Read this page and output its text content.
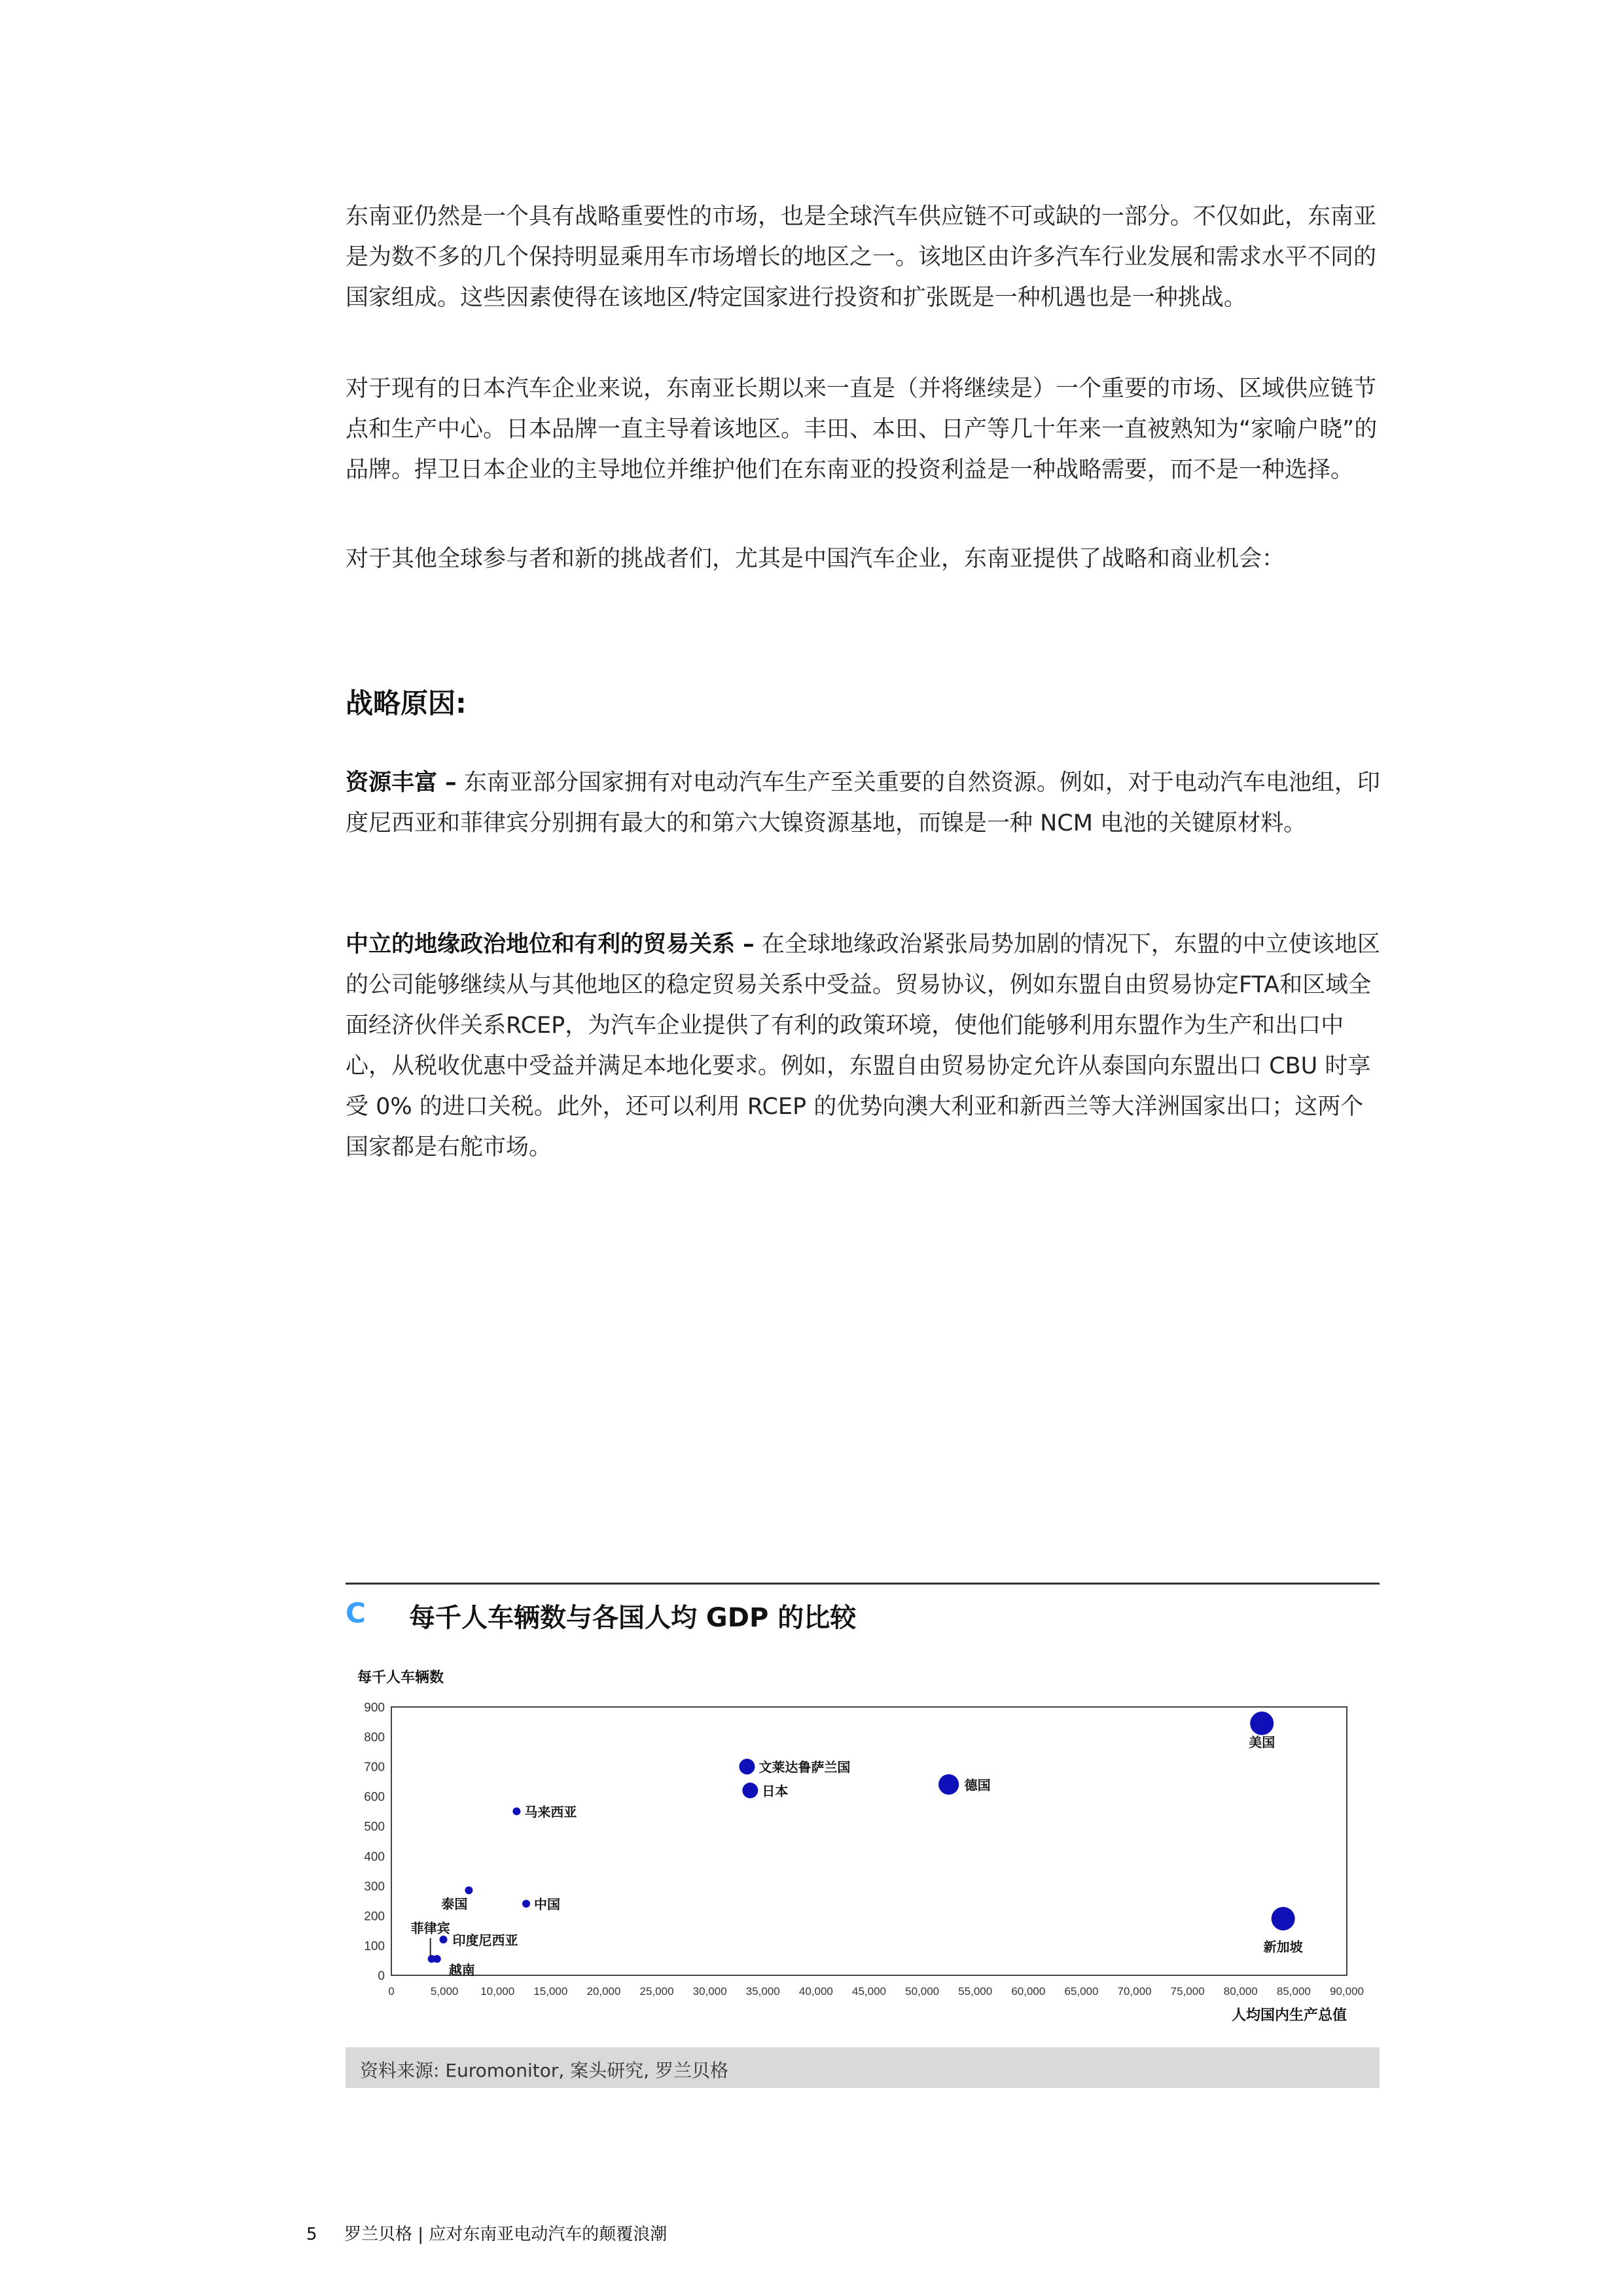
东南亚仍然是一个具有战略重要性的市场，也是全球汽车供应链不可或缺的一部分。不仅如此，东南亚是为数不多的几个保持明显乘用车市场增长的地区之一。该地区由许多汽车行业发展和需求水平不同的国家组成。这些因素使得在该地区/特定国家进行投资和扩张既是一种机遇也是一种挑战。

对于现有的日本汽车企业来说，东南亚长期以来一直是（并将继续是）一个重要的市场、区域供应链节点和生产中心。日本品牌一直主导着该地区。丰田、本田、日产等几十年来一直被熟知为“家喻户晓”的品牌。捍卫日本企业的主导地位并维护他们在东南亚的投资利益是一种战略需要，而不是一种选择。

对于其他全球参与者和新的挑战者们，尤其是中国汽车企业，东南亚提供了战略和商业机会：

战略原因:

资源丰富 – 东南亚部分国家拥有对电动汽车生产至关重要的自然资源。例如，对于电动汽车电池组，印度尼西亚和菲律宾分别拥有最大的和第六大镍资源基地，而镍是一种 NCM 电池的关键原材料。

中立的地缘政治地位和有利的贸易关系 – 在全球地缘政治紧张局势加剧的情况下，东盟的中立使该地区的公司能够继续从与其他地区的稳定贸易关系中受益。贸易协议，例如东盟自由贸易协定FTA和区域全面经济伙伴关系RCEP，为汽车企业提供了有利的政策环境，使他们能够利用东盟作为生产和出口中心，从税收优惠中受益并满足本地化要求。例如，东盟自由贸易协定允许从泰国向东盟出口 CBU 时享受 0% 的进口关税。此外，还可以利用 RCEP 的优势向澳大利亚和新西兰等大洋洲国家出口；这两个国家都是右舵市场。

C 每千人车辆数与各国人均 GDP 的比较
每千人车辆数
0
100
200
300
400
500
600
700
800
900
0	5,000 10,000 15,000 20,000 25,000 30,000 35,000 40,000 45,000 50,000 55,000 60,000 65,000 70,000 75,000 80,000 85,000 90,000
美国
新加坡
德国
文莱达鲁萨兰国
日本
马来西亚
中国
泰国
印度尼西亚
菲律宾
越南
人均国内生产总值
资料来源: Euromonitor, 案头研究, 罗兰贝格
5 罗兰贝格 | 应对东南亚电动汽车的颠覆浪潮
